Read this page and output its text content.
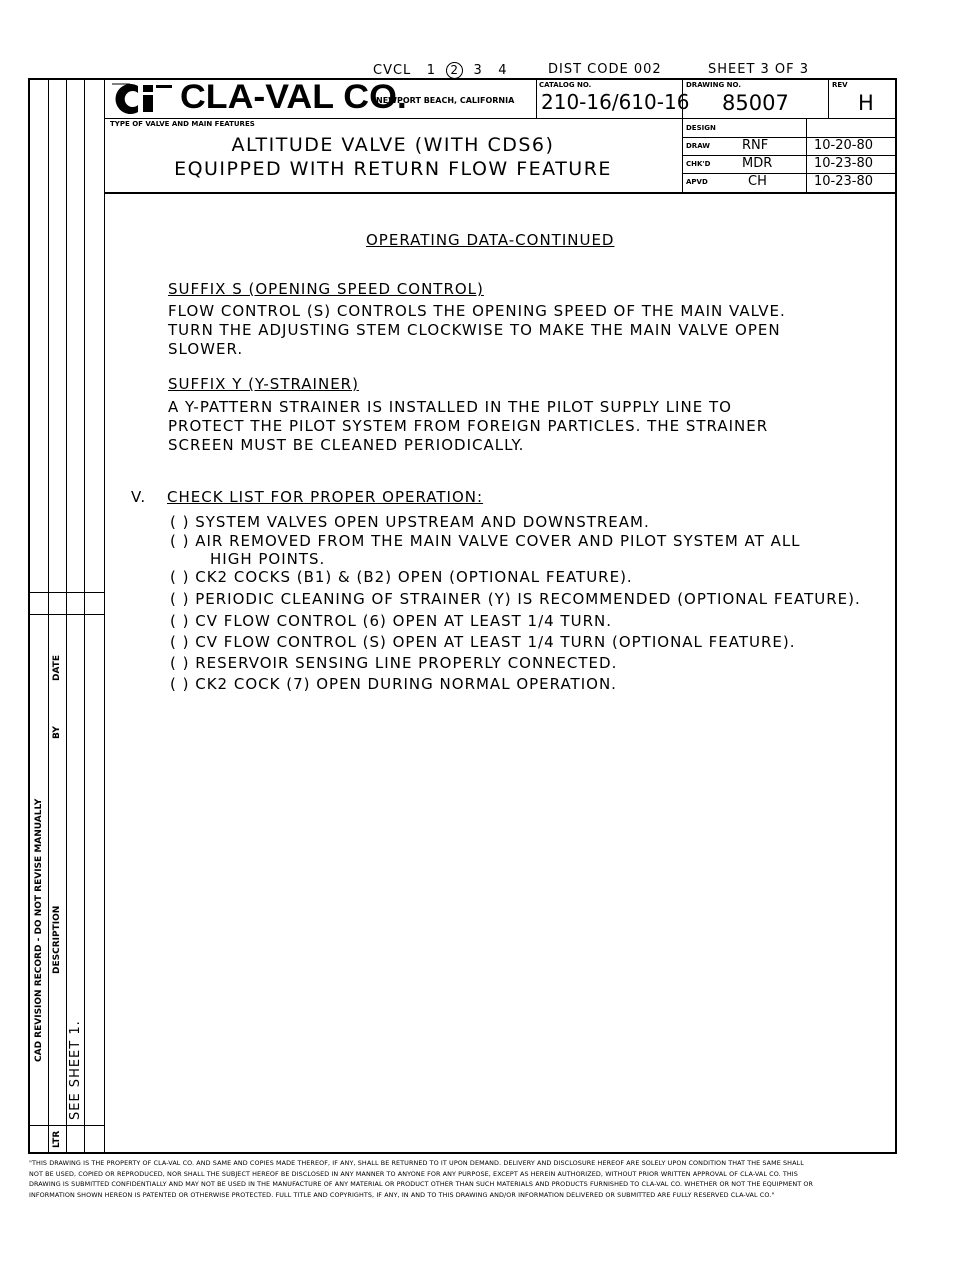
CVCL 1 2 3 4	DIST CODE 002	SHEET 3 OF 3
CAD REVISION RECORD - DO NOT REVISE MANUALLY
LTR
DESCRIPTION
BY
DATE
SEE SHEET 1.
CLA-VAL CO.
NEWPORT BEACH, CALIFORNIA
CATALOG NO.
210-16/610-16
DRAWING NO.
85007
REV
H
TYPE OF VALVE AND MAIN FEATURES
ALTITUDE VALVE (WITH CDS6)
EQUIPPED WITH RETURN FLOW FEATURE
DESIGN
DRAW RNF	10-20-80
CHK'D MDR	10-23-80
APVD	CH	10-23-80
OPERATING DATA-CONTINUED
SUFFIX S (OPENING SPEED CONTROL)
FLOW CONTROL (S) CONTROLS THE OPENING SPEED OF THE MAIN VALVE.
TURN THE ADJUSTING STEM CLOCKWISE TO MAKE THE MAIN VALVE OPEN
SLOWER.
SUFFIX Y (Y-STRAINER)
A Y-PATTERN STRAINER IS INSTALLED IN THE PILOT SUPPLY LINE TO
PROTECT THE PILOT SYSTEM FROM FOREIGN PARTICLES. THE STRAINER
SCREEN MUST BE CLEANED PERIODICALLY.
V. CHECK LIST FOR PROPER OPERATION:
( ) SYSTEM VALVES OPEN UPSTREAM AND DOWNSTREAM.
( ) AIR REMOVED FROM THE MAIN VALVE COVER AND PILOT SYSTEM AT ALL
HIGH POINTS.
( ) CK2 COCKS (B1) & (B2) OPEN (OPTIONAL FEATURE).
( ) PERIODIC CLEANING OF STRAINER (Y) IS RECOMMENDED (OPTIONAL FEATURE).
( ) CV FLOW CONTROL (6) OPEN AT LEAST 1/4 TURN.
( ) CV FLOW CONTROL (S) OPEN AT LEAST 1/4 TURN (OPTIONAL FEATURE).
( ) RESERVOIR SENSING LINE PROPERLY CONNECTED.
( ) CK2 COCK (7) OPEN DURING NORMAL OPERATION.
"THIS DRAWING IS THE PROPERTY OF CLA-VAL CO. AND SAME AND COPIES MADE THEREOF, IF ANY, SHALL BE RETURNED TO IT UPON DEMAND. DELIVERY AND DISCLOSURE HEREOF ARE SOLELY UPON CONDITION THAT THE SAME SHALL
NOT BE USED, COPIED OR REPRODUCED, NOR SHALL THE SUBJECT HEREOF BE DISCLOSED IN ANY MANNER TO ANYONE FOR ANY PURPOSE, EXCEPT AS HEREIN AUTHORIZED, WITHOUT PRIOR WRITTEN APPROVAL OF CLA-VAL CO. THIS
DRAWING IS SUBMITTED CONFIDENTIALLY AND MAY NOT BE USED IN THE MANUFACTURE OF ANY MATERIAL OR PRODUCT OTHER THAN SUCH MATERIALS AND PRODUCTS FURNISHED TO CLA-VAL CO. WHETHER OR NOT THE EQUIPMENT OR
INFORMATION SHOWN HEREON IS PATENTED OR OTHERWISE PROTECTED. FULL TITLE AND COPYRIGHTS, IF ANY, IN AND TO THIS DRAWING AND/OR INFORMATION DELIVERED OR SUBMITTED ARE FULLY RESERVED CLA-VAL CO."
